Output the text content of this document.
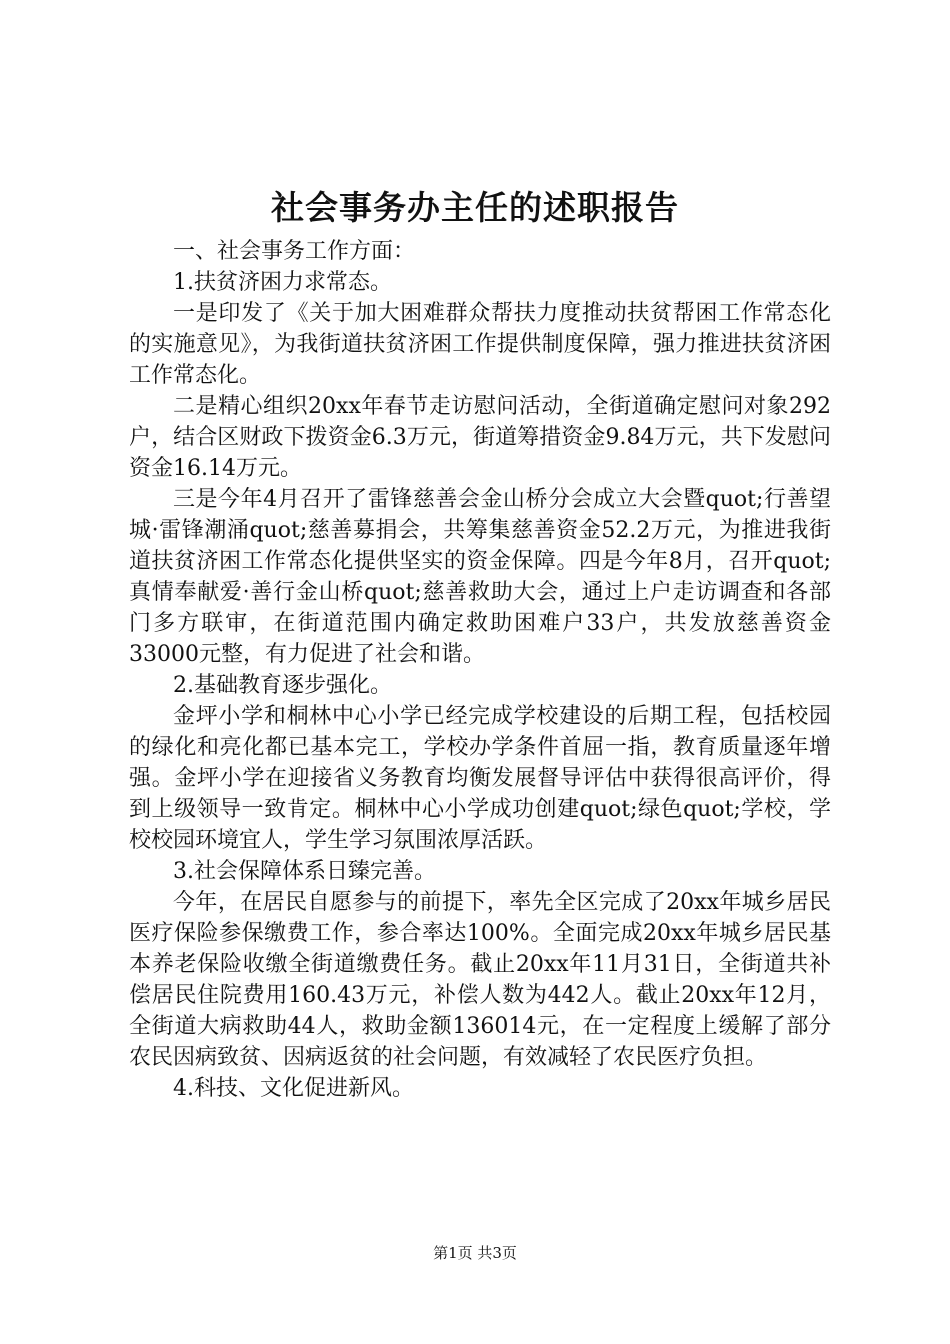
社会事务办主任的述职报告

一、社会事务工作方面：

1.扶贫济困力求常态。

一是印发了《关于加大困难群众帮扶力度推动扶贫帮困工作常态化的实施意见》，为我街道扶贫济困工作提供制度保障，强力推进扶贫济困工作常态化。

二是精心组织20xx年春节走访慰问活动，全街道确定慰问对象292户，结合区财政下拨资金6.3万元，街道筹措资金9.84万元，共下发慰问资金16.14万元。

三是今年4月召开了雷锋慈善会金山桥分会成立大会暨quot;行善望城·雷锋潮涌quot;慈善募捐会，共筹集慈善资金52.2万元，为推进我街道扶贫济困工作常态化提供坚实的资金保障。四是今年8月，召开quot;真情奉献爱·善行金山桥quot;慈善救助大会，通过上户走访调查和各部门多方联审，在街道范围内确定救助困难户33户，共发放慈善资金33000元整，有力促进了社会和谐。

2.基础教育逐步强化。

金坪小学和桐林中心小学已经完成学校建设的后期工程，包括校园的绿化和亮化都已基本完工，学校办学条件首屈一指，教育质量逐年增强。金坪小学在迎接省义务教育均衡发展督导评估中获得很高评价，得到上级领导一致肯定。桐林中心小学成功创建quot;绿色quot;学校，学校校园环境宜人，学生学习氛围浓厚活跃。

3.社会保障体系日臻完善。

今年，在居民自愿参与的前提下，率先全区完成了20xx年城乡居民医疗保险参保缴费工作，参合率达100%。全面完成20xx年城乡居民基本养老保险收缴全街道缴费任务。截止20xx年11月31日，全街道共补偿居民住院费用160.43万元，补偿人数为442人。截止20xx年12月，全街道大病救助44人，救助金额136014元，在一定程度上缓解了部分农民因病致贫、因病返贫的社会问题，有效减轻了农民医疗负担。

4.科技、文化促进新风。

第1页 共3页
